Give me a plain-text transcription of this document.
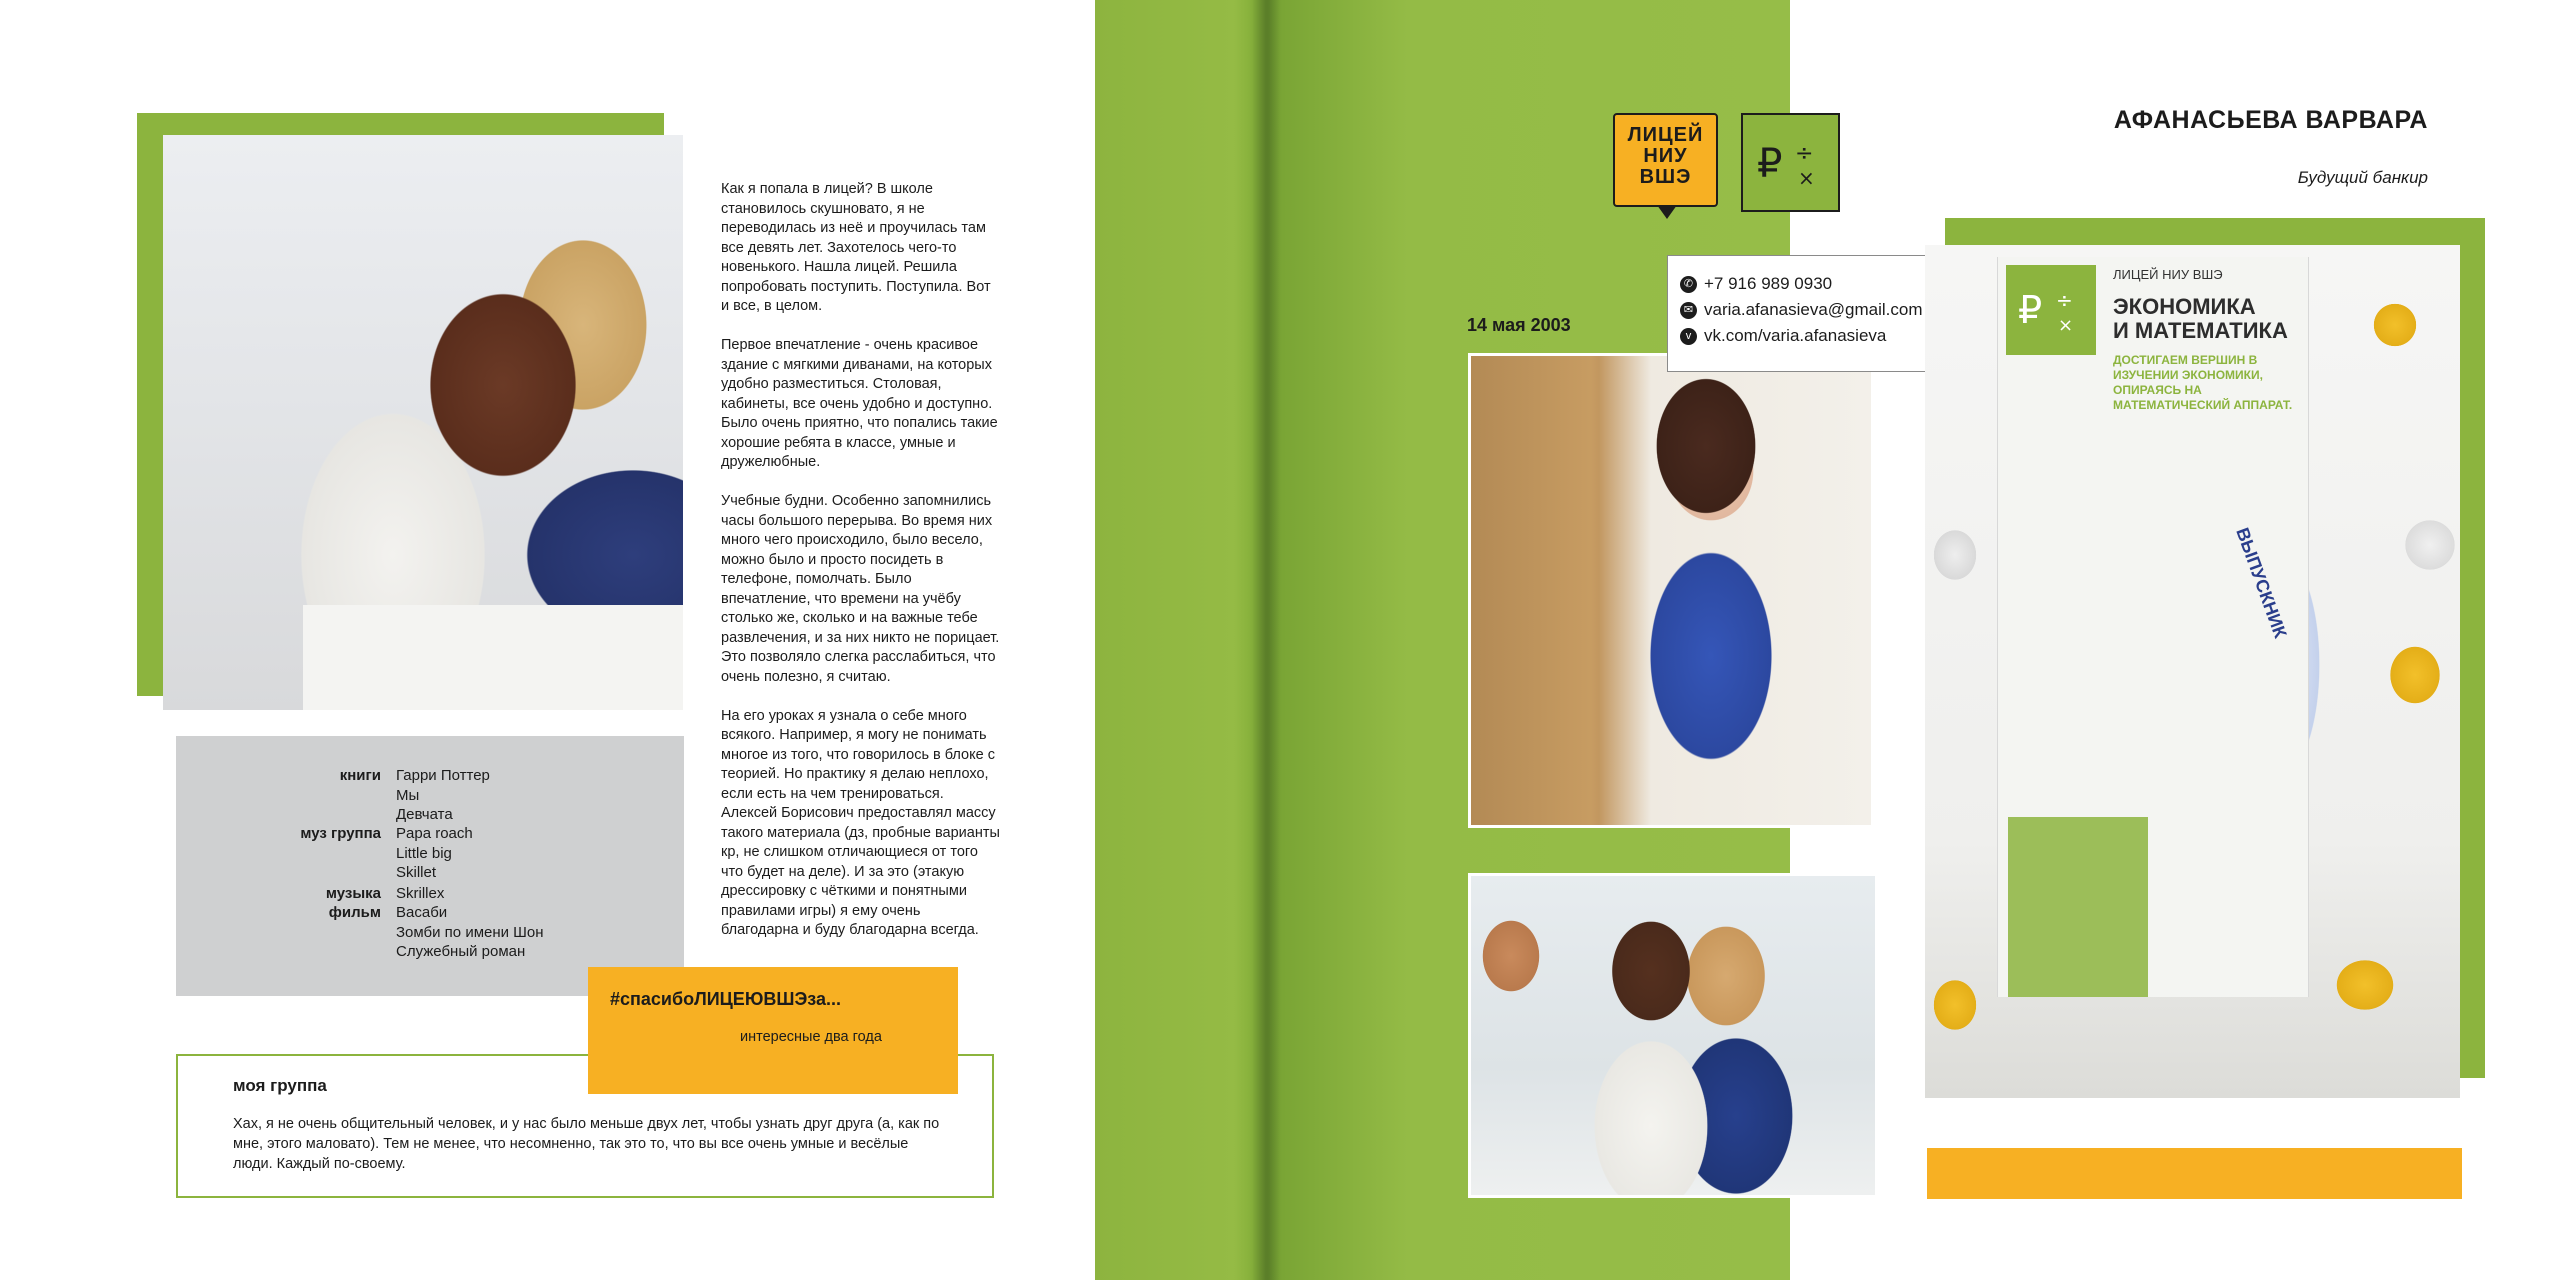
книги Гарри Поттер
Мы
Девчата
муз группа Papa roach
Little big
Skillet
музыка Skrillex
фильм Васаби
Зомби по имени Шон
Служебный роман

Как я попала в лицей? В школе становилось скушновато, я не переводилась из неё и проучилась там все девять лет. Захотелось чего-то новенького. Нашла лицей. Решила попробовать поступить. Поступила. Вот и все, в целом.

Первое впечатление - очень красивое здание с мягкими диванами, на которых удобно разместиться. Столовая, кабинеты, все очень удобно и доступно. Было очень приятно, что попались такие хорошие ребята в классе, умные и дружелюбные.

Учебные будни. Особенно запомнились часы большого перерыва. Во время них много чего происходило, было весело, можно было и просто посидеть в телефоне, помолчать. Было впечатление, что времени на учёбу столько же, сколько и на важные тебе развлечения, и за них никто не порицает. Это позволяло слегка расслабиться, что очень полезно, я считаю.

На его уроках я узнала о себе много всякого. Например, я могу не понимать многое из того, что говорилось в блоке с теорией. Но практику я делаю неплохо, если есть на чем тренироваться. Алексей Борисович предоставлял массу такого материала (дз, пробные варианты кр, не слишком отличающиеся от того что будет на деле). И за это (этакую дрессировку с чёткими и понятными правилами игры) я ему очень благодарна и буду благодарна всегда.

моя группа
Хах, я не очень общительный человек, и у нас было меньше двух лет, чтобы узнать друг друга (а, как по мне, этого маловато). Тем не менее, что несомненно, так это то, что вы все очень умные и весёлые люди. Каждый по-своему.
#спасибоЛИЦЕЮВШЭза...
интересные два года
ЛИЦЕЙ
НИУ
ВШЭ	₽ ÷
×
АФАНАСЬЕВА ВАРВАРА
Будущий банкир
14 мая 2003
✆ +7 916 989 0930
✉ varia.afanasieva@gmail.com
v vk.com/varia.afanasieva
₽ ÷
×
ЛИЦЕЙ НИУ ВШЭ
ЭКОНОМИКА
И МАТЕМАТИКА
ДОСТИГАЕМ ВЕРШИН В ИЗУЧЕНИИ ЭКОНОМИКИ, ОПИРАЯСЬ НА МАТЕМАТИЧЕСКИЙ АППАРАТ.
ВЫПУСКНИК
